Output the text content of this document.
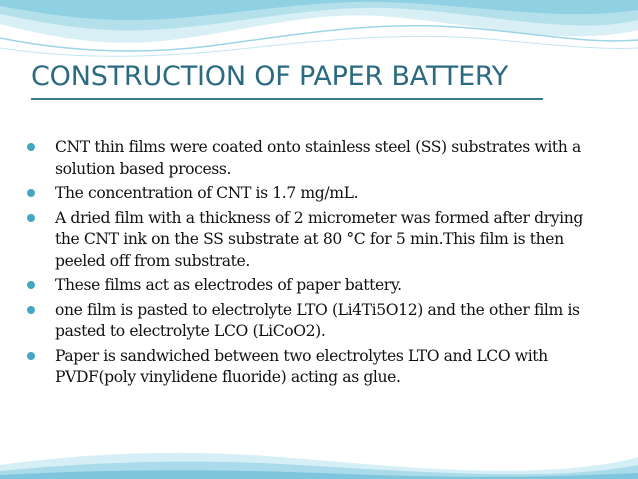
CONSTRUCTION OF PAPER BATTERY
CNT thin films were coated onto stainless steel (SS) substrates with a solution based process.
The concentration of CNT is 1.7 mg/mL.
A dried film with a thickness of 2 micrometer was formed after drying the CNT ink on the SS substrate at 80 °C for 5 min.This film is then peeled off from substrate.
These films act as electrodes of paper battery.
one film is pasted to electrolyte LTO (Li4Ti5O12) and the other film is pasted to electrolyte LCO (LiCoO2).
Paper is sandwiched between two electrolytes LTO and LCO with PVDF(poly vinylidene fluoride) acting as glue.
